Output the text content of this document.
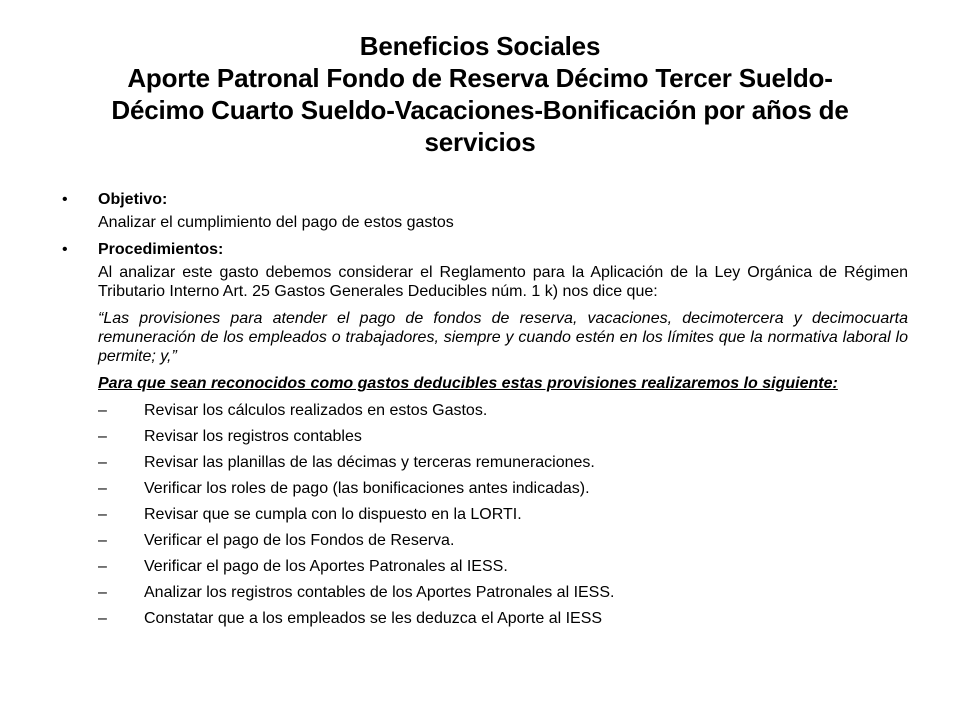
Beneficios Sociales
Aporte Patronal Fondo de Reserva Décimo Tercer Sueldo-
Décimo Cuarto Sueldo-Vacaciones-Bonificación por años de
servicios
• Objetivo:
Analizar el cumplimiento del pago de estos gastos
• Procedimientos:
Al analizar este gasto debemos considerar el Reglamento para la Aplicación de la Ley Orgánica de Régimen Tributario Interno Art. 25 Gastos Generales Deducibles núm. 1 k) nos dice que:
“Las provisiones para atender el pago de fondos de reserva, vacaciones, decimotercera y decimocuarta remuneración de los empleados o trabajadores, siempre y cuando estén en los límites que la normativa laboral lo permite; y,”
Para que sean reconocidos como gastos deducibles estas provisiones realizaremos lo siguiente:
–	Revisar los cálculos realizados en estos Gastos.
–	Revisar los registros contables
–	Revisar las planillas de las décimas y terceras remuneraciones.
–	Verificar los roles de pago (las bonificaciones antes indicadas).
–	Revisar que se cumpla con lo dispuesto en la LORTI.
–	Verificar el pago de los Fondos de Reserva.
–	Verificar el pago de los Aportes Patronales al IESS.
–	Analizar los registros contables de los Aportes Patronales al IESS.
–	Constatar que a los empleados se les deduzca el Aporte al IESS
